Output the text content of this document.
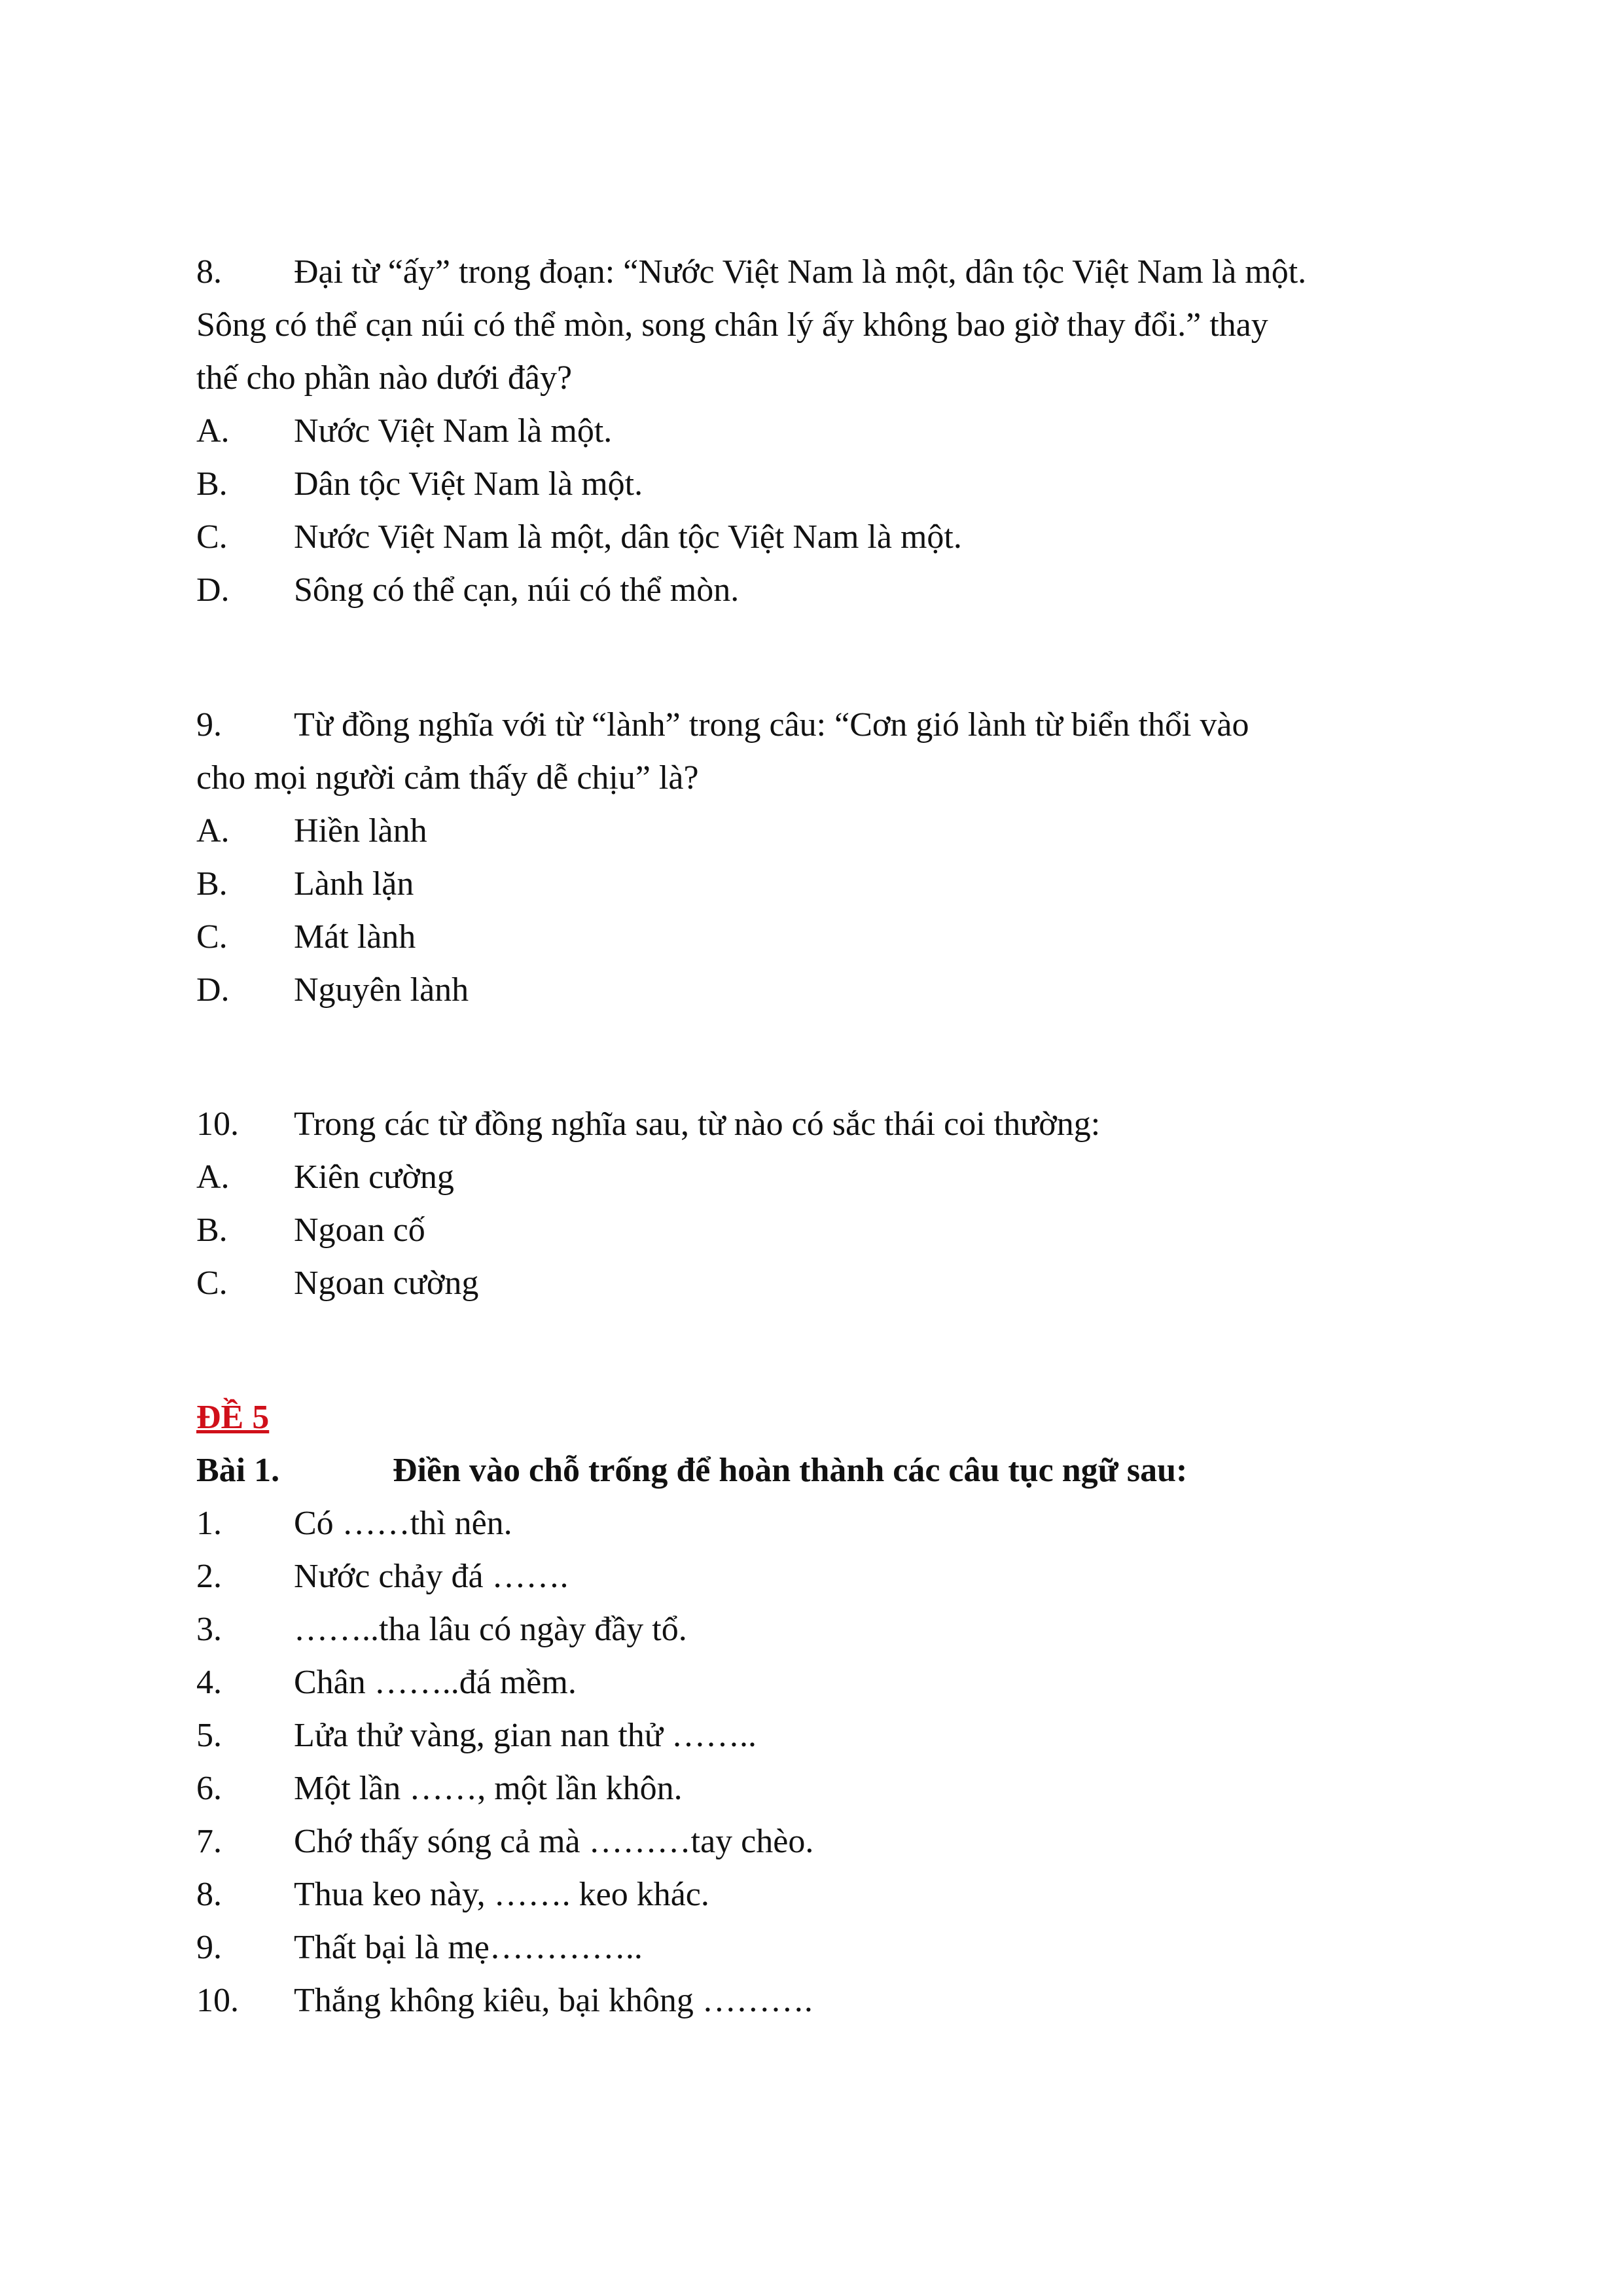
8. Đại từ “ấy” trong đoạn: “Nước Việt Nam là một, dân tộc Việt Nam là một.
Sông có thể cạn núi có thể mòn, song chân lý ấy không bao giờ thay đổi.” thay
thế cho phần nào dưới đây?
A. Nước Việt Nam là một.
B. Dân tộc Việt Nam là một.
C. Nước Việt Nam là một, dân tộc Việt Nam là một.
D. Sông có thể cạn, núi có thể mòn.
9. Từ đồng nghĩa với từ “lành” trong câu: “Cơn gió lành từ biển thổi vào
cho mọi người cảm thấy dễ chịu” là?
A. Hiền lành
B. Lành lặn
C. Mát lành
D. Nguyên lành
10. Trong các từ đồng nghĩa sau, từ nào có sắc thái coi thường:
A. Kiên cường
B. Ngoan cố
C. Ngoan cường
ĐỀ 5
Bài 1.	Điền vào chỗ trống để hoàn thành các câu tục ngữ sau:
1. Có ……thì nên.
2. Nước chảy đá …….
3. ……..tha lâu có ngày đầy tổ.
4. Chân ……..đá mềm.
5. Lửa thử vàng, gian nan thử ……..
6. Một lần ……, một lần khôn.
7. Chớ thấy sóng cả mà ………tay chèo.
8. Thua keo này, ……. keo khác.
9. Thất bại là mẹ…………..
10. Thắng không kiêu, bại không ……….
